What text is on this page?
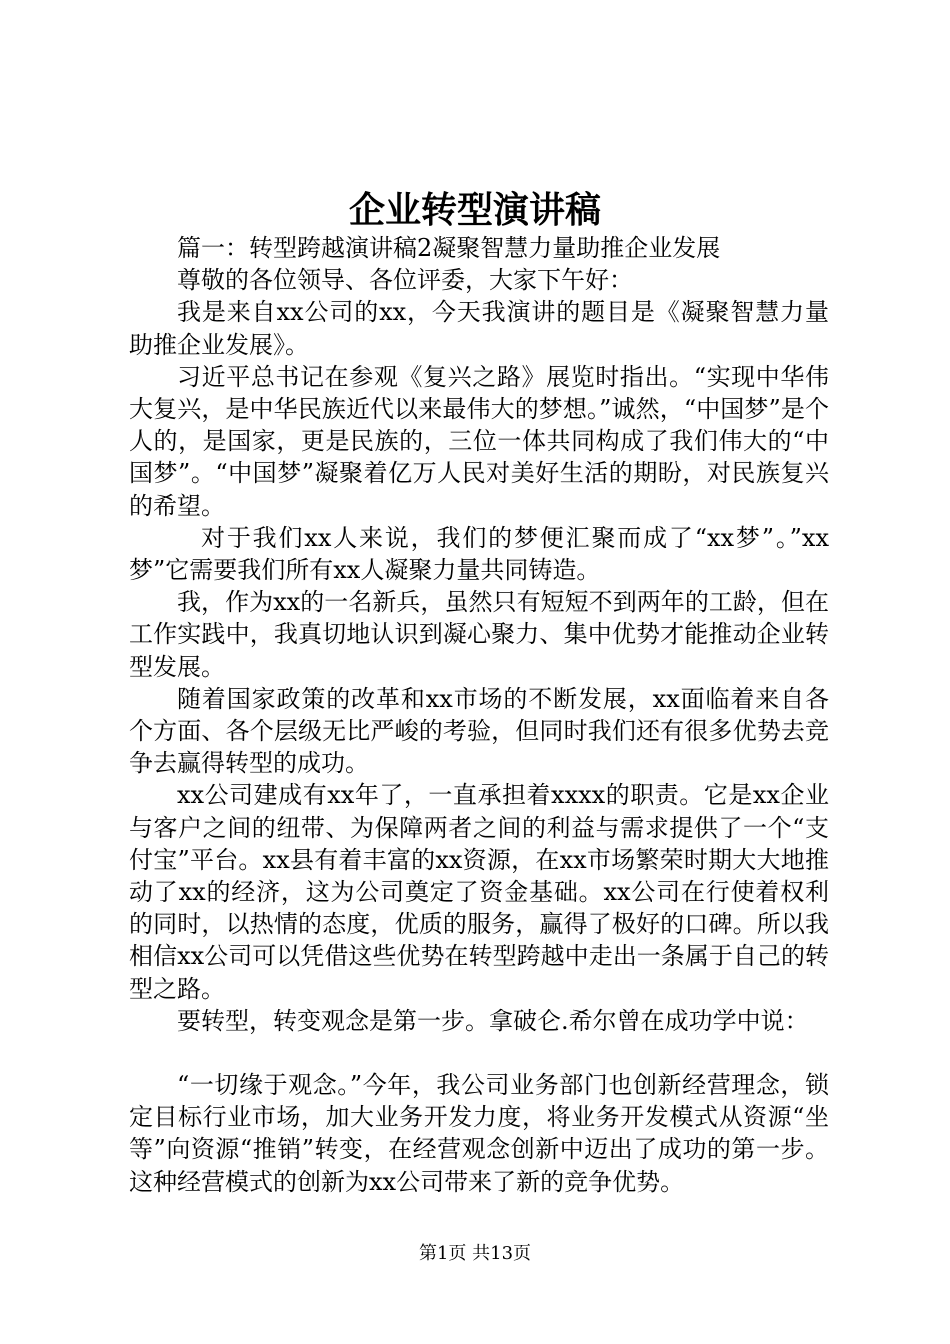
企业转型演讲稿

篇一：转型跨越演讲稿2凝聚智慧力量助推企业发展

尊敬的各位领导、各位评委，大家下午好：

我是来自xx公司的xx，今天我演讲的题目是《凝聚智慧力量助推企业发展》。

习近平总书记在参观《复兴之路》展览时指出。“实现中华伟大复兴，是中华民族近代以来最伟大的梦想。”诚然，“中国梦”是个人的，是国家，更是民族的，三位一体共同构成了我们伟大的“中国梦”。“中国梦”凝聚着亿万人民对美好生活的期盼，对民族复兴的希望。

对于我们xx人来说，我们的梦便汇聚而成了“xx梦”。”xx梦”它需要我们所有xx人凝聚力量共同铸造。

我，作为xx的一名新兵，虽然只有短短不到两年的工龄，但在工作实践中，我真切地认识到凝心聚力、集中优势才能推动企业转型发展。

随着国家政策的改革和xx市场的不断发展，xx面临着来自各个方面、各个层级无比严峻的考验，但同时我们还有很多优势去竞争去赢得转型的成功。

xx公司建成有xx年了，一直承担着xxxx的职责。它是xx企业与客户之间的纽带、为保障两者之间的利益与需求提供了一个“支付宝”平台。xx县有着丰富的xx资源，在xx市场繁荣时期大大地推动了xx的经济，这为公司奠定了资金基础。xx公司在行使着权利的同时，以热情的态度，优质的服务，赢得了极好的口碑。所以我相信xx公司可以凭借这些优势在转型跨越中走出一条属于自己的转型之路。

要转型，转变观念是第一步。拿破仑.希尔曾在成功学中说：

“一切缘于观念。”今年，我公司业务部门也创新经营理念，锁定目标行业市场，加大业务开发力度，将业务开发模式从资源“坐等”向资源“推销”转变，在经营观念创新中迈出了成功的第一步。这种经营模式的创新为xx公司带来了新的竞争优势。

第1页 共13页
